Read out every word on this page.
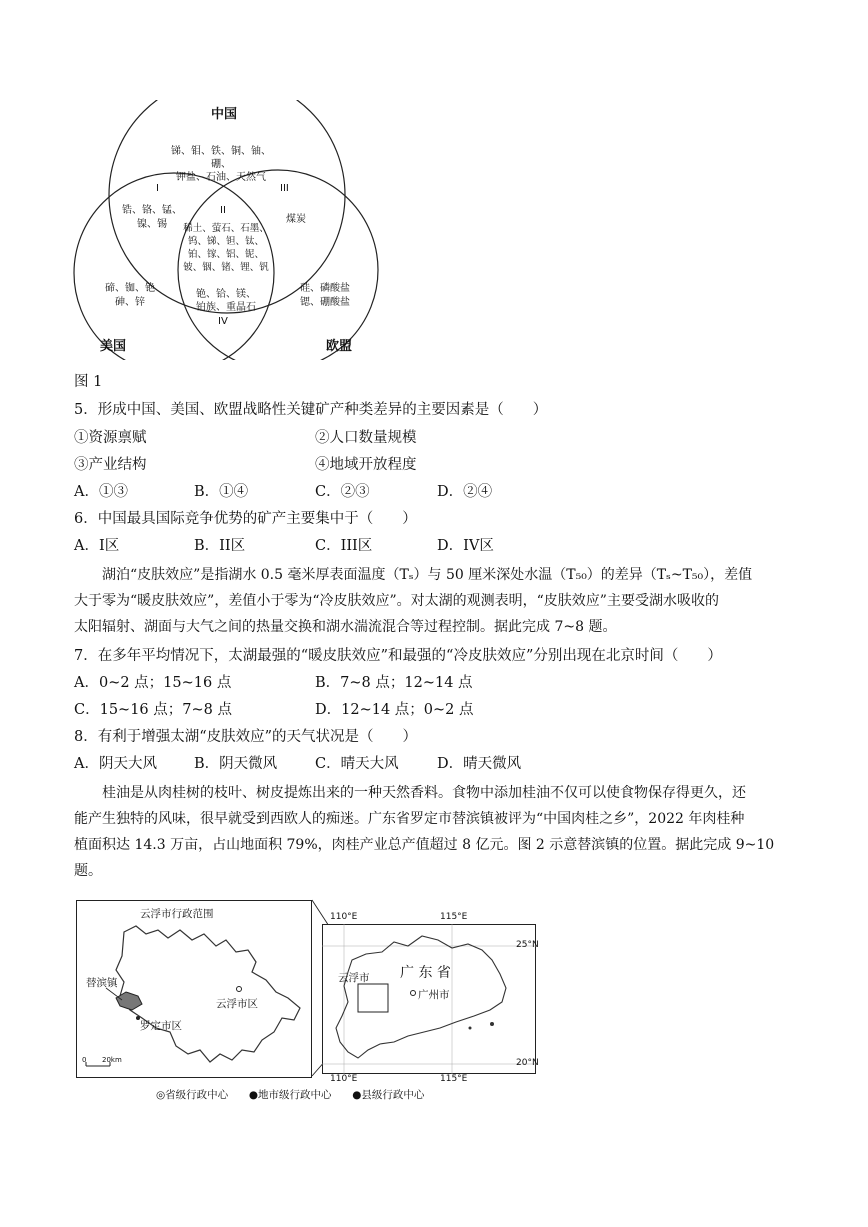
中国
美国	欧盟
锑、钼、铁、铜、铀、硼、
钾盐、石油、天然气
I
锆、铬、锰、
镍、锡
II
稀土、萤石、石墨、
钨、锑、钽、钛、
铂、镓、铝、铌、
铍、铟、锗、锂、钒
III
煤炭
碲、铷、铯
砷、锌
铯、铪、镁、
铂族、重晶石
IV
硅、磷酸盐
锶、硼酸盐
图 1
5．形成中国、美国、欧盟战略性关键矿产种类差异的主要因素是（　　）
①资源禀赋	②人口数量规模
③产业结构	④地域开放程度
A．①③	B．①④	C．②③	D．②④
6．中国最具国际竞争优势的矿产主要集中于（　　）
A．I区	B．II区	C．III区	D．IV区
湖泊“皮肤效应”是指湖水 0.5 毫米厚表面温度（Tₛ）与 50 厘米深处水温（T₅₀）的差异（Tₛ~T₅₀），差值
大于零为“暖皮肤效应”，差值小于零为“冷皮肤效应”。对太湖的观测表明，“皮肤效应”主要受湖水吸收的
太阳辐射、湖面与大气之间的热量交换和湖水湍流混合等过程控制。据此完成 7~8 题。
7．在多年平均情况下，太湖最强的“暖皮肤效应”和最强的“冷皮肤效应”分别出现在北京时间（　　）
A．0~2 点；15~16 点	B．7~8 点；12~14 点
C．15~16 点；7~8 点	D．12~14 点；0~2 点
8．有利于增强太湖“皮肤效应”的天气状况是（　　）
A．阴天大风	B．阴天微风	C．晴天大风	D．晴天微风
桂油是从肉桂树的枝叶、树皮提炼出来的一种天然香料。食物中添加桂油不仅可以使食物保存得更久，还
能产生独特的风味，很早就受到西欧人的痴迷。广东省罗定市替滨镇被评为“中国肉桂之乡”，2022 年肉桂种
植面积达 14.3 万亩，占山地面积 79%，肉桂产业总产值超过 8 亿元。图 2 示意替滨镇的位置。据此完成 9~10
题。
云浮市行政范围
替滨镇
云浮市区
罗定市区
0 20km
110°E	115°E
25°N
20°N
110°E	115°E
广 东 省
云浮市
广州市
◎省级行政中心 ●地市级行政中心 ●县级行政中心
